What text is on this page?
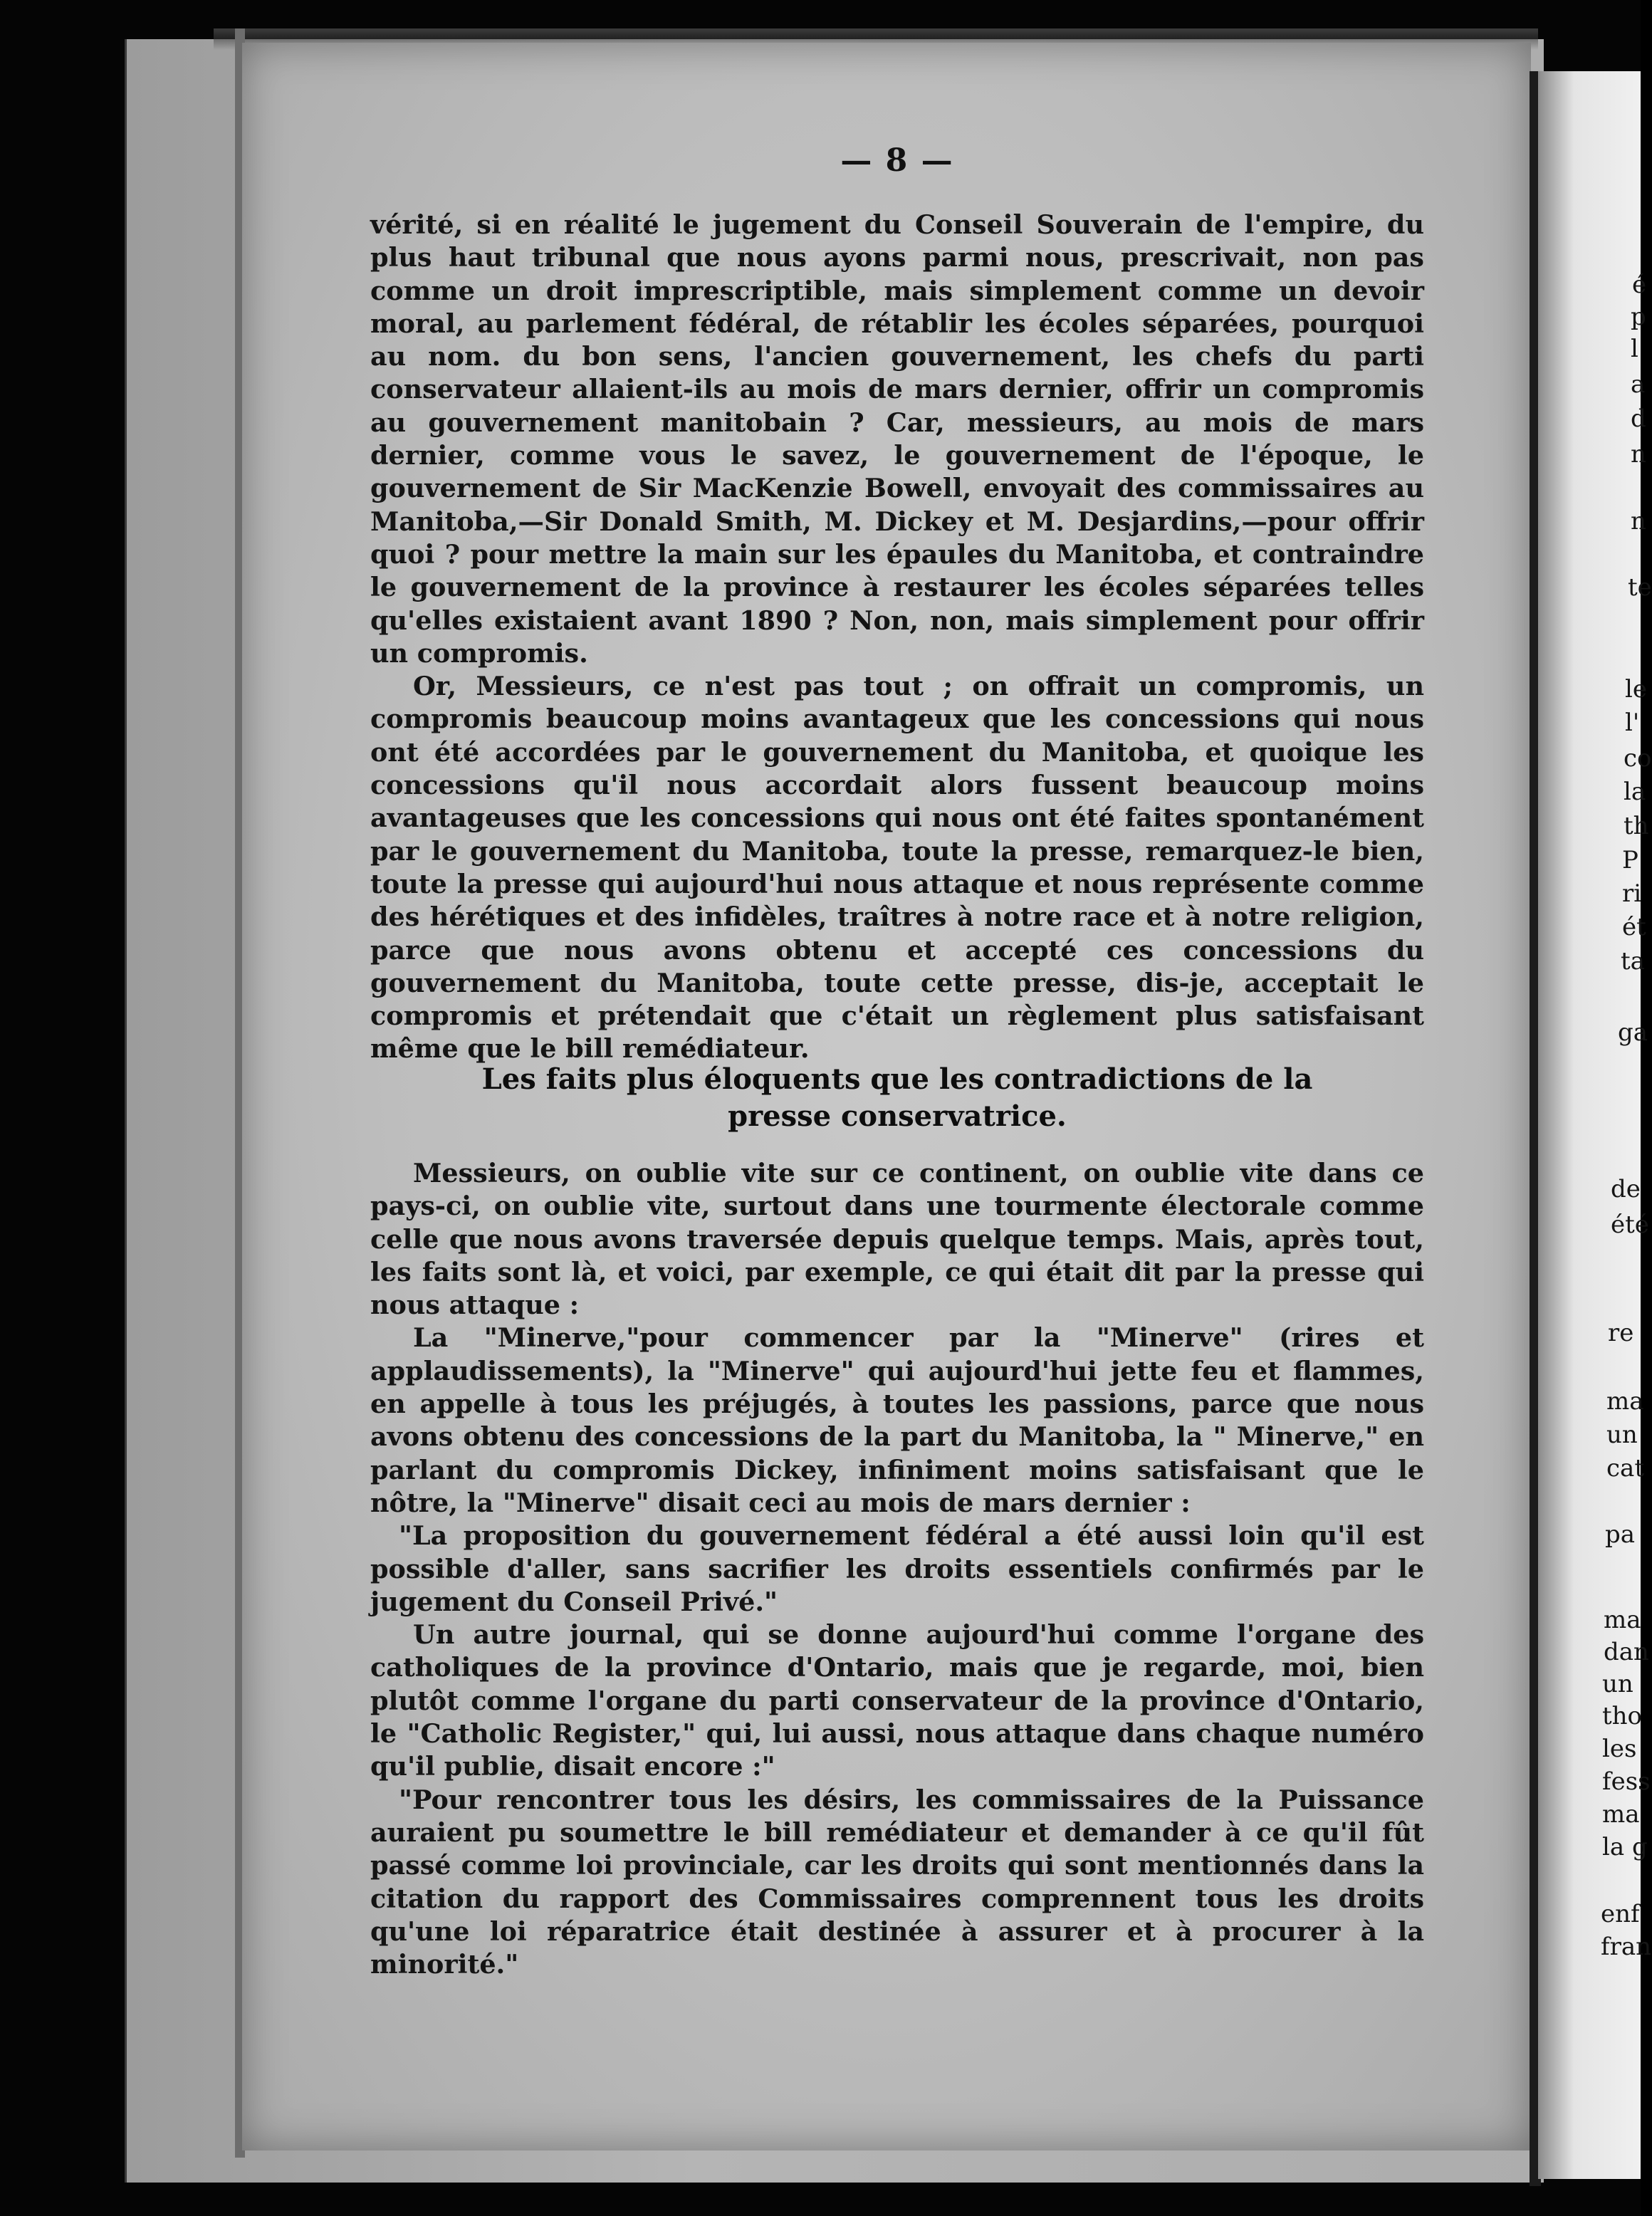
— 8 —

vérité, si en réalité le jugement du Conseil Souverain de l'empire, du plus haut tribunal que nous ayons parmi nous, prescrivait, non pas comme un droit imprescriptible, mais simplement comme un devoir moral, au parlement fédéral, de rétablir les écoles séparées, pourquoi au nom. du bon sens, l'ancien gouvernement, les chefs du parti conservateur allaient-ils au mois de mars dernier, offrir un compromis au gouvernement manitobain ? Car, messieurs, au mois de mars dernier, comme vous le savez, le gouvernement de l'époque, le gouvernement de Sir MacKenzie Bowell, envoyait des commissaires au Manitoba,—Sir Donald Smith, M. Dickey et M. Desjardins,—pour offrir quoi ? pour mettre la main sur les épaules du Manitoba, et contraindre le gouvernement de la province à restaurer les écoles séparées telles qu'elles existaient avant 1890 ? Non, non, mais simplement pour offrir un compromis.

Or, Messieurs, ce n'est pas tout ; on offrait un compromis, un compromis beaucoup moins avantageux que les concessions qui nous ont été accordées par le gouvernement du Manitoba, et quoique les concessions qu'il nous accordait alors fussent beaucoup moins avantageuses que les concessions qui nous ont été faites spontanément par le gouvernement du Manitoba, toute la presse, remarquez-le bien, toute la presse qui aujourd'hui nous attaque et nous représente comme des hérétiques et des infidèles, traîtres à notre race et à notre religion, parce que nous avons obtenu et accepté ces concessions du gouvernement du Manitoba, toute cette presse, dis-je, acceptait le compromis et prétendait que c'était un règlement plus satisfaisant même que le bill remédiateur.

Les faits plus éloquents que les contradictions de la
presse conservatrice.

Messieurs, on oublie vite sur ce continent, on oublie vite dans ce pays-ci, on oublie vite, surtout dans une tourmente électorale comme celle que nous avons traversée depuis quelque temps. Mais, après tout, les faits sont là, et voici, par exemple, ce qui était dit par la presse qui nous attaque :

La "Minerve,"pour commencer par la "Minerve" (rires et applaudissements), la "Minerve" qui aujourd'hui jette feu et flammes, en appelle à tous les préjugés, à toutes les passions, parce que nous avons obtenu des concessions de la part du Manitoba, la " Minerve," en parlant du compromis Dickey, infiniment moins satisfaisant que le nôtre, la "Minerve" disait ceci au mois de mars dernier :

"La proposition du gouvernement fédéral a été aussi loin qu'il est possible d'aller, sans sacrifier les droits essentiels confirmés par le jugement du Conseil Privé."

Un autre journal, qui se donne aujourd'hui comme l'organe des catholiques de la province d'Ontario, mais que je regarde, moi, bien plutôt comme l'organe du parti conservateur de la province d'Ontario, le "Catholic Register," qui, lui aussi, nous attaque dans chaque numéro qu'il publie, disait encore :"

"Pour rencontrer tous les désirs, les commissaires de la Puissance auraient pu soumettre le bill remédiateur et demander à ce qu'il fût passé comme loi provinciale, car les droits qui sont mentionnés dans la citation du rapport des Commissaires comprennent tous les droits qu'une loi réparatrice était destinée à assurer et à procurer à la minorité."

é
p
l
a
d
n
n
te
le
l'
co
la
th
P
ri
ét
ta
ga
de
été
re
ma
un
cat
pa
ma
dan
un
tho
les
fess
ma
la g
enf
fran
